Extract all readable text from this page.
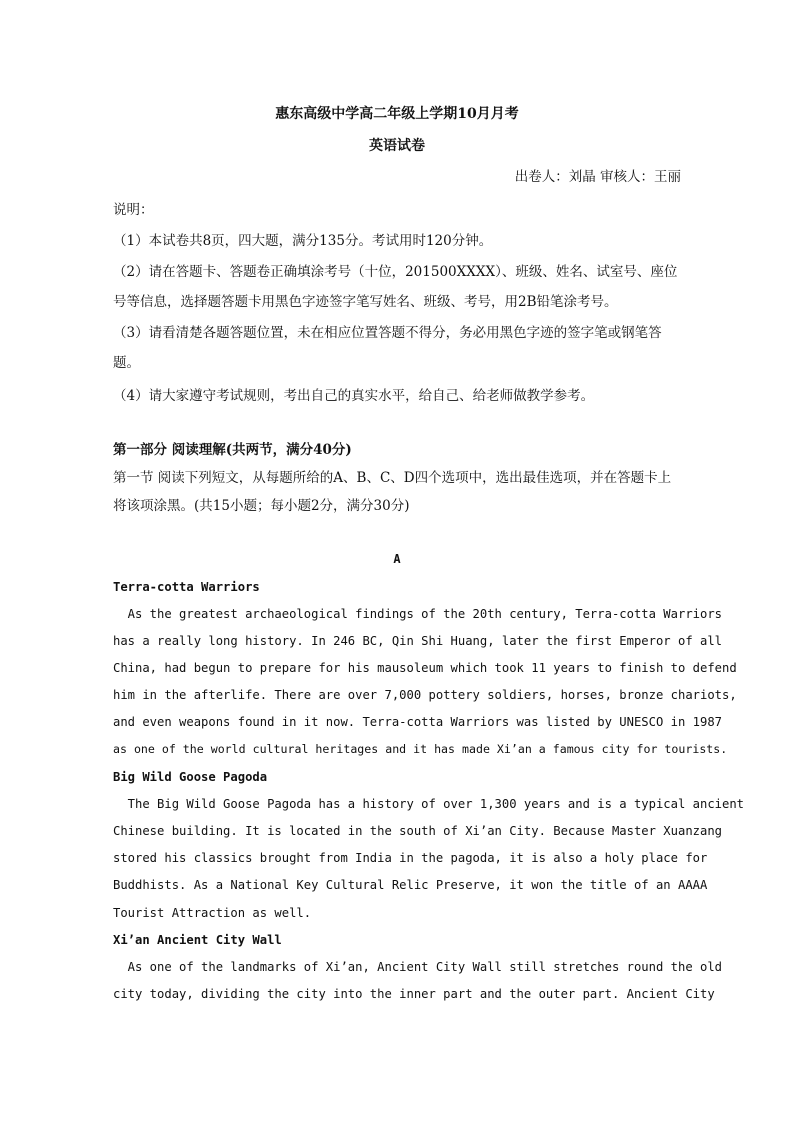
惠东高级中学高二年级上学期10月月考
英语试卷
出卷人：刘晶 审核人：王丽
说明：
（1）本试卷共8页，四大题，满分135分。考试用时120分钟。
（2）请在答题卡、答题卷正确填涂考号（十位，201500XXXX）、班级、姓名、试室号、座位
号等信息，选择题答题卡用黑色字迹签字笔写姓名、班级、考号，用2B铅笔涂考号。
（3）请看清楚各题答题位置，未在相应位置答题不得分，务必用黑色字迹的签字笔或钢笔答
题。
（4）请大家遵守考试规则，考出自己的真实水平，给自己、给老师做教学参考。
第一部分 阅读理解(共两节，满分40分)
第一节 阅读下列短文，从每题所给的A、B、C、D四个选项中，选出最佳选项，并在答题卡上
将该项涂黑。(共15小题；每小题2分，满分30分)
A
Terra-cotta Warriors
As the greatest archaeological findings of the 20th century, Terra-cotta Warriors
has a really long history. In 246 BC, Qin Shi Huang, later the first Emperor of all
China, had begun to prepare for his mausoleum which took 11 years to finish to defend
him in the afterlife. There are over 7,000 pottery soldiers, horses, bronze chariots,
and even weapons found in it now. Terra-cotta Warriors was listed by UNESCO in 1987
as one of the world cultural heritages and it has made Xi’an a famous city for tourists.
Big Wild Goose Pagoda
The Big Wild Goose Pagoda has a history of over 1,300 years and is a typical ancient
Chinese building. It is located in the south of Xi’an City. Because Master Xuanzang
stored his classics brought from India in the pagoda, it is also a holy place for
Buddhists. As a National Key Cultural Relic Preserve, it won the title of an AAAA
Tourist Attraction as well.
Xi’an Ancient City Wall
As one of the landmarks of Xi’an, Ancient City Wall still stretches round the old
city today, dividing the city into the inner part and the outer part. Ancient City
